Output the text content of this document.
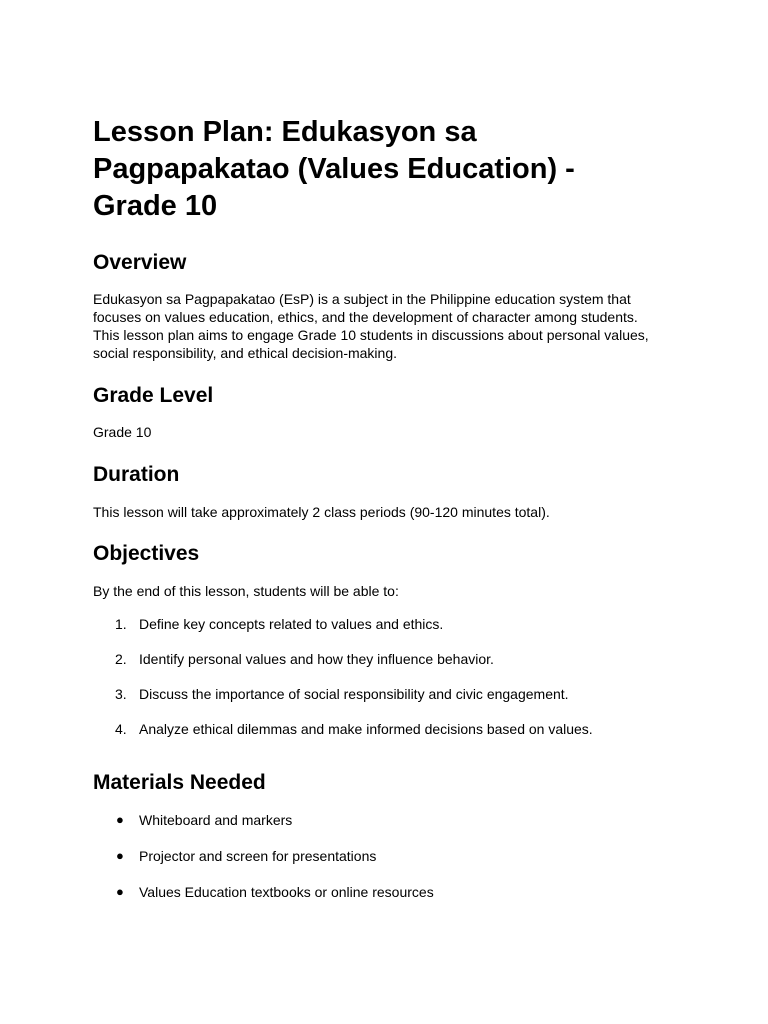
Lesson Plan: Edukasyon sa Pagpapakatao (Values Education) - Grade 10
Overview

Edukasyon sa Pagpapakatao (EsP) is a subject in the Philippine education system that focuses on values education, ethics, and the development of character among students. This lesson plan aims to engage Grade 10 students in discussions about personal values, social responsibility, and ethical decision-making.

Grade Level

Grade 10

Duration

This lesson will take approximately 2 class periods (90-120 minutes total).

Objectives

By the end of this lesson, students will be able to:

1. Define key concepts related to values and ethics.
2. Identify personal values and how they influence behavior.
3. Discuss the importance of social responsibility and civic engagement.
4. Analyze ethical dilemmas and make informed decisions based on values.
Materials Needed
● Whiteboard and markers
● Projector and screen for presentations
● Values Education textbooks or online resources
